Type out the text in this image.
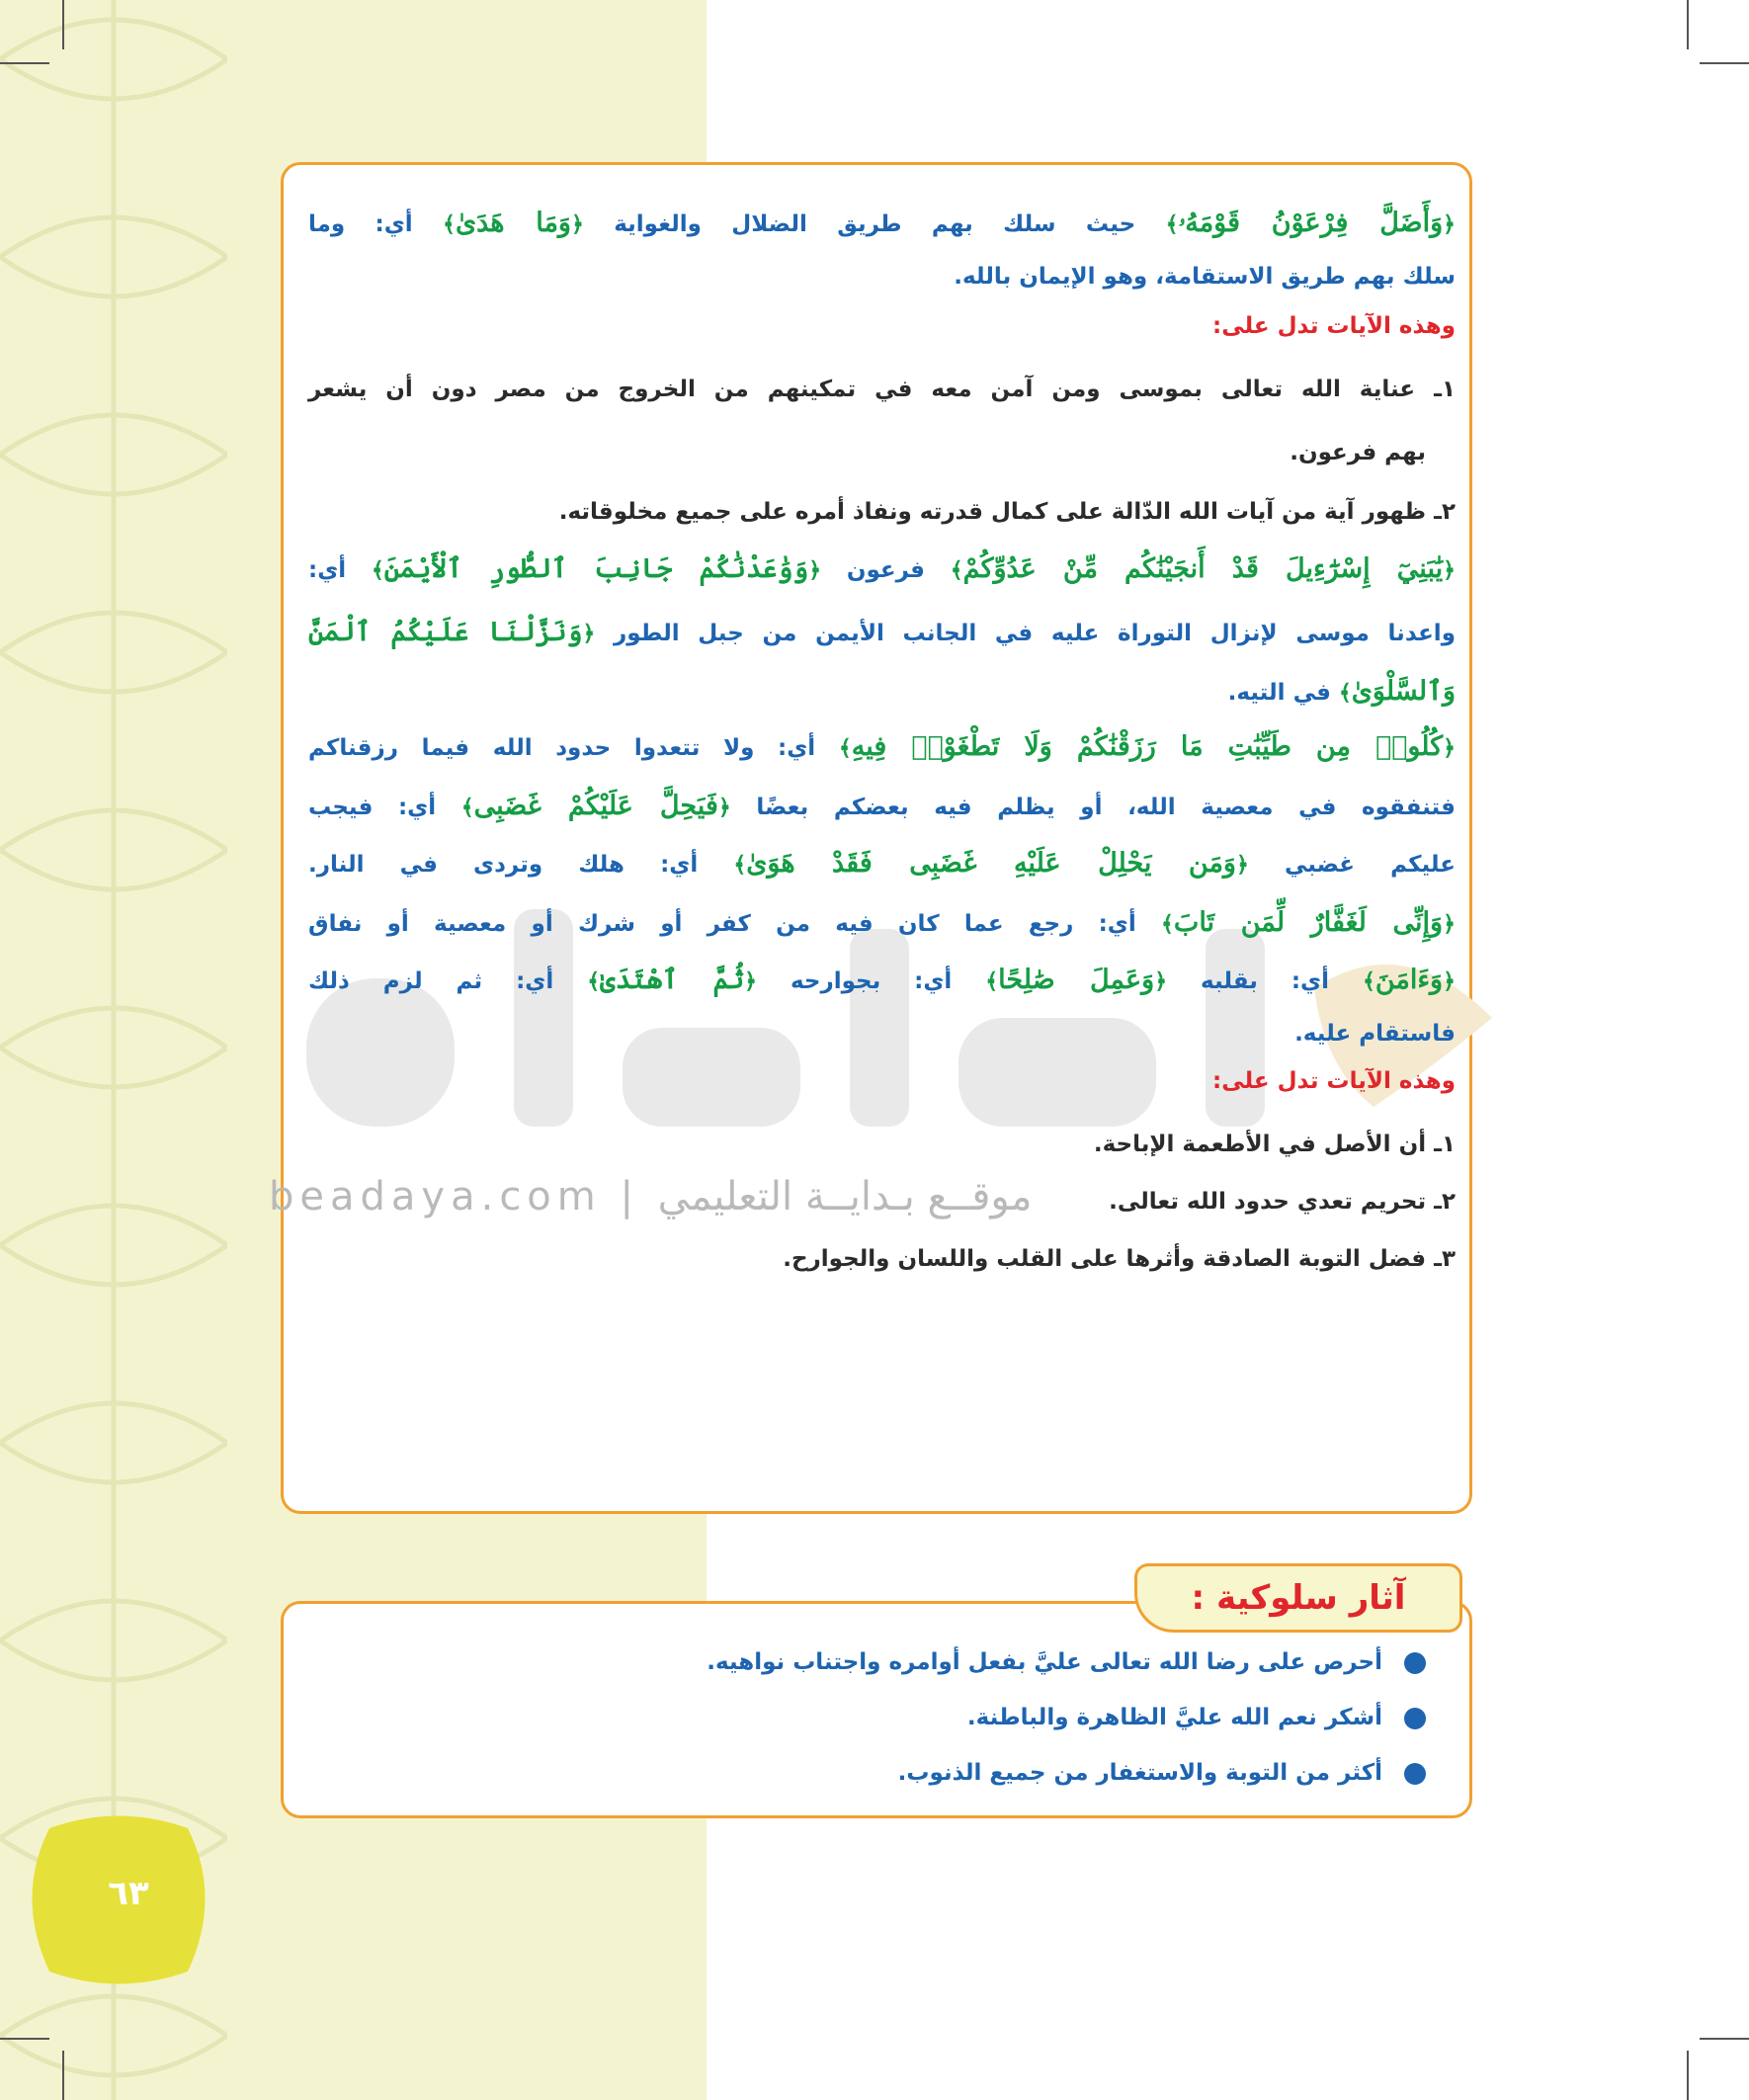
beadaya.com | موقــع بـدايــة التعليمي
﴿وَأَضَلَّ فِرْعَوْنُ قَوْمَهُۥ﴾ حيث سلك بهم طريق الضلال والغواية ﴿وَمَا هَدَىٰ﴾ أي: وما
سلك بهم طريق الاستقامة، وهو الإيمان بالله.
وهذه الآيات تدل على:
١ـ عناية الله تعالى بموسى ومن آمن معه في تمكينهم من الخروج من مصر دون أن يشعر
بهم فرعون.
٢ـ ظهور آية من آيات الله الدّالة على كمال قدرته ونفاذ أمره على جميع مخلوقاته.
﴿يَٰبَنِيٓ إِسْرَٰٓءِيلَ قَدْ أَنجَيْنَٰكُم مِّنْ عَدُوِّكُمْ﴾ فرعون ﴿وَوَٰعَدْنَٰكُمْ جَانِبَ ٱلطُّورِ ٱلْأَيْمَنَ﴾ أي:
واعدنا موسى لإنزال التوراة عليه في الجانب الأيمن من جبل الطور ﴿وَنَزَّلْنَا عَلَيْكُمُ ٱلْمَنَّ
وَٱلسَّلْوَىٰ﴾ في التيه.
﴿كُلُوا۟ مِن طَيِّبَٰتِ مَا رَزَقْنَٰكُمْ وَلَا تَطْغَوْا۟ فِيهِ﴾ أي: ولا تتعدوا حدود الله فيما رزقناكم
فتنفقوه في معصية الله، أو يظلم فيه بعضكم بعضًا ﴿فَيَحِلَّ عَلَيْكُمْ غَضَبِى﴾ أي: فيجب
عليكم غضبي ﴿وَمَن يَحْلِلْ عَلَيْهِ غَضَبِى فَقَدْ هَوَىٰ﴾ أي: هلك وتردى في النار.
﴿وَإِنِّى لَغَفَّارٌ لِّمَن تَابَ﴾ أي: رجع عما كان فيه من كفر أو شرك أو معصية أو نفاق
﴿وَءَامَنَ﴾ أي: بقلبه ﴿وَعَمِلَ صَٰلِحًا﴾ أي: بجوارحه ﴿ثُمَّ ٱهْتَدَىٰ﴾ أي: ثم لزم ذلك
فاستقام عليه.
وهذه الآيات تدل على:
١ـ أن الأصل في الأطعمة الإباحة.
٢ـ تحريم تعدي حدود الله تعالى.
٣ـ فضل التوبة الصادقة وأثرها على القلب واللسان والجوارح.
آثار سلوكية :
أحرص على رضا الله تعالى عليَّ بفعل أوامره واجتناب نواهيه.
أشكر نعم الله عليَّ الظاهرة والباطنة.
أكثر من التوبة والاستغفار من جميع الذنوب.
٦٣
